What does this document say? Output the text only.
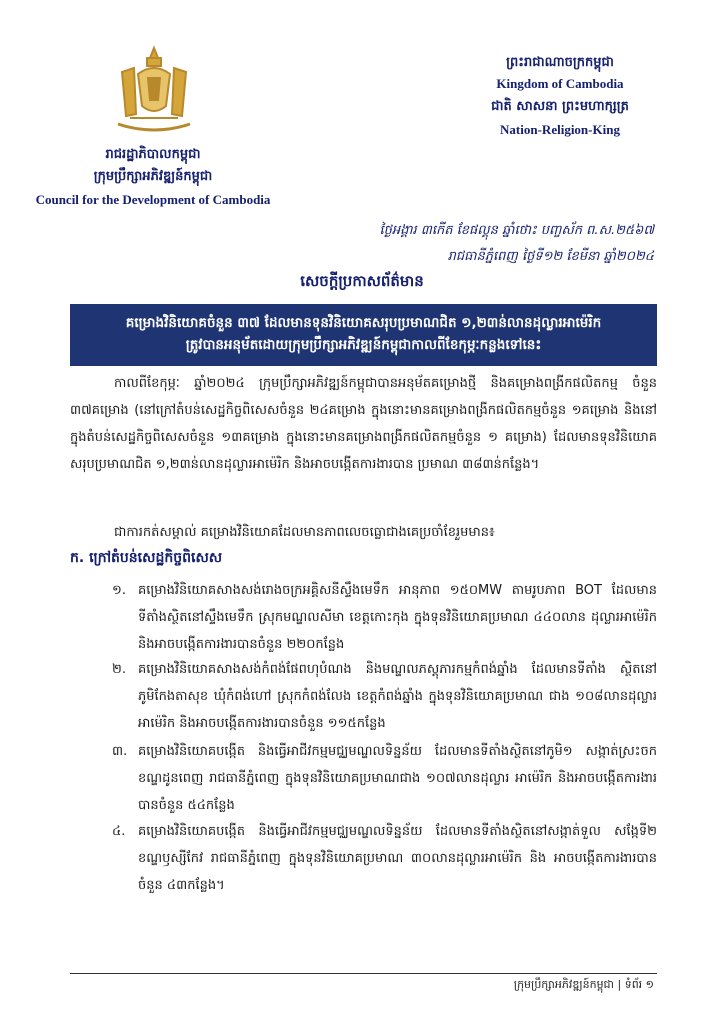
រាជរដ្ឋាភិបាលកម្ពុជា
ក្រុមប្រឹក្សាអភិវឌ្ឍន៍កម្ពុជា
Council for the Development of Cambodia
ព្រះរាជាណាចក្រកម្ពុជា
Kingdom of Cambodia
ជាតិ សាសនា ព្រះមហាក្សត្រ
Nation-Religion-King
ថ្ងៃអង្គារ ៣កើត ខែផល្គុន ឆ្នាំថោះ បញ្ចស័ក ព.ស.២៥៦៧
រាជធានីភ្នំពេញ ថ្ងៃទី១២ ខែមីនា ឆ្នាំ២០២៤
សេចក្ដីប្រកាសព័ត៌មាន
គម្រោងវិនិយោគចំនួន ៣៧ ដែលមានទុនវិនិយោគសរុបប្រមាណជិត ១,២៣ន់លានដុល្លារអាម៉េរិក
ត្រូវបានអនុម័តដោយក្រុមប្រឹក្សាអភិវឌ្ឍន៍កម្ពុជាកាលពីខែកុម្ភៈកន្លងទៅនេះ
កាលពីខែកុម្ភៈ ឆ្នាំ២០២៤ ក្រុមប្រឹក្សាអភិវឌ្ឍន៍កម្ពុជាបានអនុម័តគម្រោងថ្មី និងគម្រោងពង្រីកផលិតកម្ម ចំនួន ៣៧គម្រោង (នៅក្រៅតំបន់សេដ្ឋកិច្ចពិសេសចំនួន ២៤គម្រោង ក្នុងនោះមានគម្រោងពង្រីកផលិតកម្មចំនួន ១គម្រោង និងនៅក្នុងតំបន់សេដ្ឋកិច្ចពិសេសចំនួន ១៣គម្រោង ក្នុងនោះមានគម្រោងពង្រីកផលិតកម្មចំនួន ១ គម្រោង) ដែលមានទុនវិនិយោគសរុបប្រមាណជិត ១,២៣ន់លានដុល្លារអាម៉េរិក និងអាចបង្កើតការងារបាន ប្រមាណ ៣៨៣ន់កន្លែង។
ជាការកត់សម្គាល់ គម្រោងវិនិយោគដែលមានភាពលេចធ្លោជាងគេប្រចាំខែរួមមាន៖
ក. ក្រៅតំបន់សេដ្ឋកិច្ចពិសេស
១. គម្រោងវិនិយោគសាងសង់រោងចក្រអគ្គិសនីស្ទឹងមេទឹក អានុភាព ១៥០MW តាមរូបភាព BOT ដែលមាន ទីតាំងស្ថិតនៅស្ទឹងមេទឹក ស្រុកមណ្ឌលសីមា ខេត្តកោះកុង ក្នុងទុនវិនិយោគប្រមាណ ៤៤០លាន ដុល្លារអាម៉េរិក និងអាចបង្កើតការងារបានចំនួន ២២០កន្លែង
២. គម្រោងវិនិយោគសាងសង់កំពង់ផែពហុបំណង និងមណ្ឌលភស្តុភារកម្មកំពង់ឆ្នាំង ដែលមានទីតាំង ស្ថិតនៅភូមិកែងតាសុខ ឃុំកំពង់ហៅ ស្រុកកំពង់លែង ខេត្តកំពង់ឆ្នាំង ក្នុងទុនវិនិយោគប្រមាណ ជាង ១០៨លានដុល្លារអាម៉េរិក និងអាចបង្កើតការងារបានចំនួន ១១៥កន្លែង
៣. គម្រោងវិនិយោគបង្កើត និងធ្វើអាជីវកម្មមជ្ឈមណ្ឌលទិន្នន័យ ដែលមានទីតាំងស្ថិតនៅភូមិ១ សង្កាត់ស្រះចក ខណ្ឌដូនពេញ រាជធានីភ្នំពេញ ក្នុងទុនវិនិយោគប្រមាណជាង ១០៧លានដុល្លារ អាម៉េរិក និងអាចបង្កើតការងារបានចំនួន ៥៤កន្លែង
៤. គម្រោងវិនិយោគបង្កើត និងធ្វើអាជីវកម្មមជ្ឈមណ្ឌលទិន្នន័យ ដែលមានទីតាំងស្ថិតនៅសង្កាត់ទួល សង្កែទី២ ខណ្ឌឫស្សីកែវ រាជធានីភ្នំពេញ ក្នុងទុនវិនិយោគប្រមាណ ៣០លានដុល្លារអាម៉េរិក និង អាចបង្កើតការងារបានចំនួន ៤៣កន្លែង។
ក្រុមប្រឹក្សាអភិវឌ្ឍន៍កម្ពុជា | ទំព័រ ១
